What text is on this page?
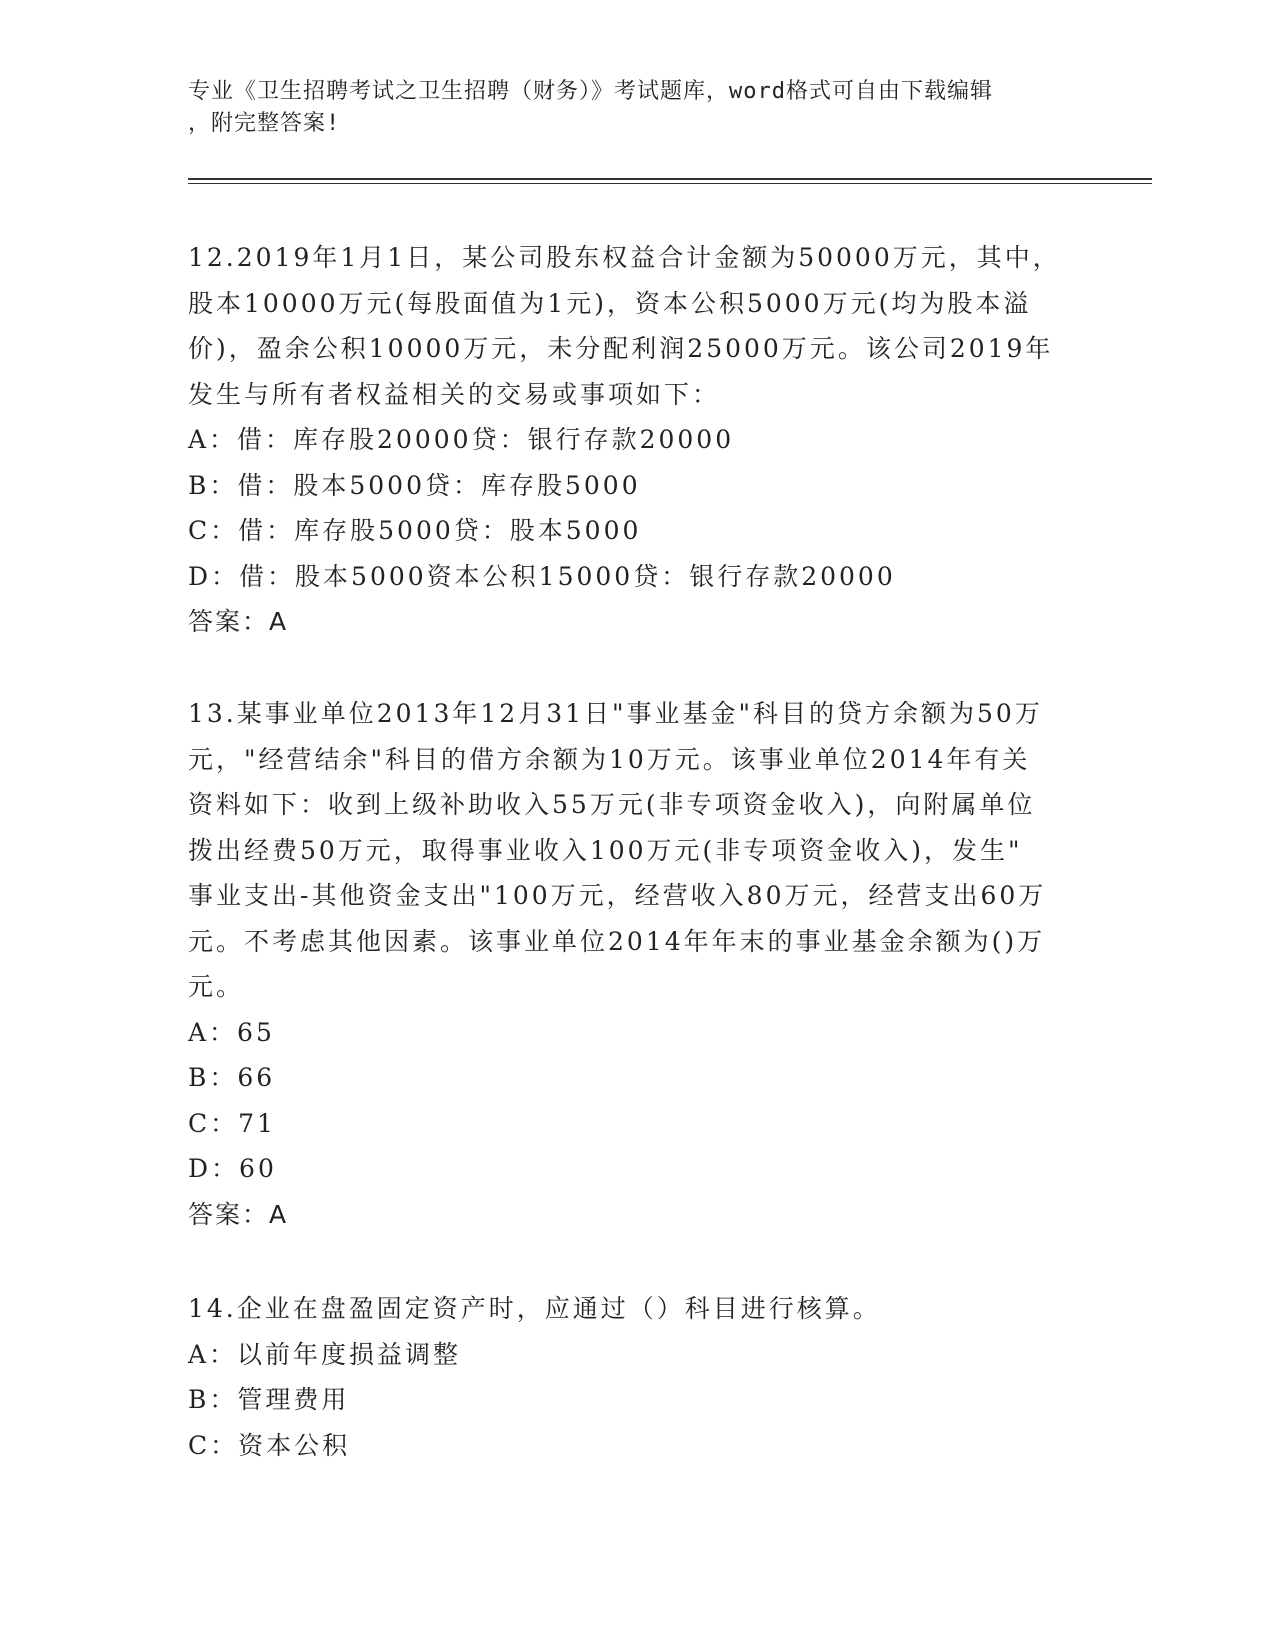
专业《卫生招聘考试之卫生招聘（财务）》考试题库，word格式可自由下载编辑
，附完整答案!

12.2019年1月1日，某公司股东权益合计金额为50000万元，其中，

股本10000万元(每股面值为1元)，资本公积5000万元(均为股本溢

价)，盈余公积10000万元，未分配利润25000万元。该公司2019年

发生与所有者权益相关的交易或事项如下：

A：借：库存股20000贷：银行存款20000

B：借：股本5000贷：库存股5000

C：借：库存股5000贷：股本5000

D：借：股本5000资本公积15000贷：银行存款20000

答案：A

13.某事业单位2013年12月31日"事业基金"科目的贷方余额为50万

元，"经营结余"科目的借方余额为10万元。该事业单位2014年有关

资料如下：收到上级补助收入55万元(非专项资金收入)，向附属单位

拨出经费50万元，取得事业收入100万元(非专项资金收入)，发生"

事业支出-其他资金支出"100万元，经营收入80万元，经营支出60万

元。不考虑其他因素。该事业单位2014年年末的事业基金余额为()万

元。

A：65

B：66

C：71

D：60

答案：A

14.企业在盘盈固定资产时，应通过（）科目进行核算。

A：以前年度损益调整

B：管理费用

C：资本公积
